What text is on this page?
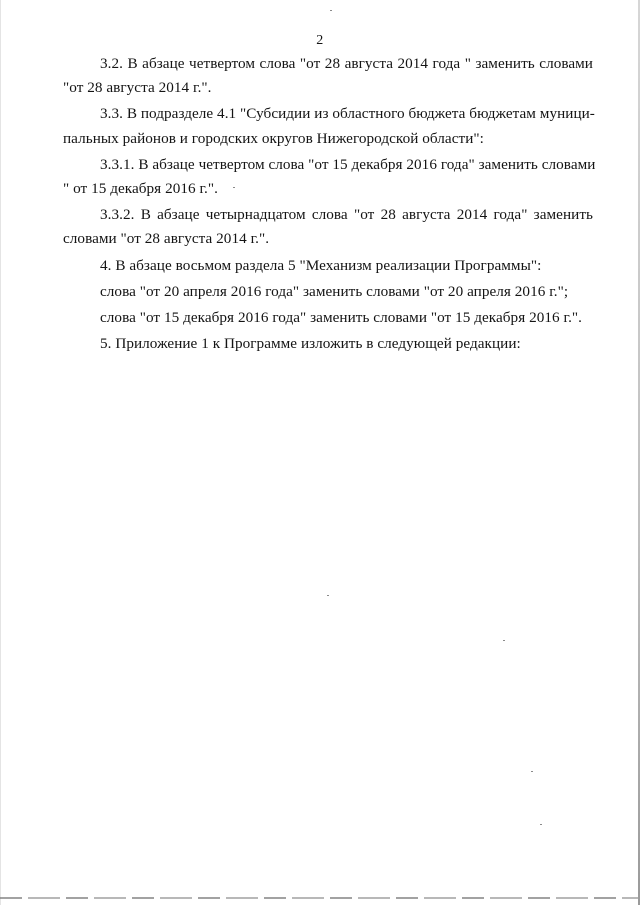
2
3.2. В абзаце четвертом слова "от 28 августа 2014 года " заменить словами
"от 28 августа 2014 г.".
3.3. В подразделе 4.1 "Субсидии из областного бюджета бюджетам муници-
пальных районов и городских округов Нижегородской области":
3.3.1. В абзаце четвертом слова "от 15 декабря 2016 года" заменить словами
" от 15 декабря 2016 г.".
3.3.2. В абзаце четырнадцатом слова "от 28 августа 2014 года" заменить
словами "от 28 августа 2014 г.".
4. В абзаце восьмом раздела 5 "Механизм реализации Программы":
слова "от 20 апреля 2016 года" заменить словами "от 20 апреля 2016 г.";
слова "от 15 декабря 2016 года" заменить словами "от 15 декабря 2016 г.".
5. Приложение 1 к Программе изложить в следующей редакции:
